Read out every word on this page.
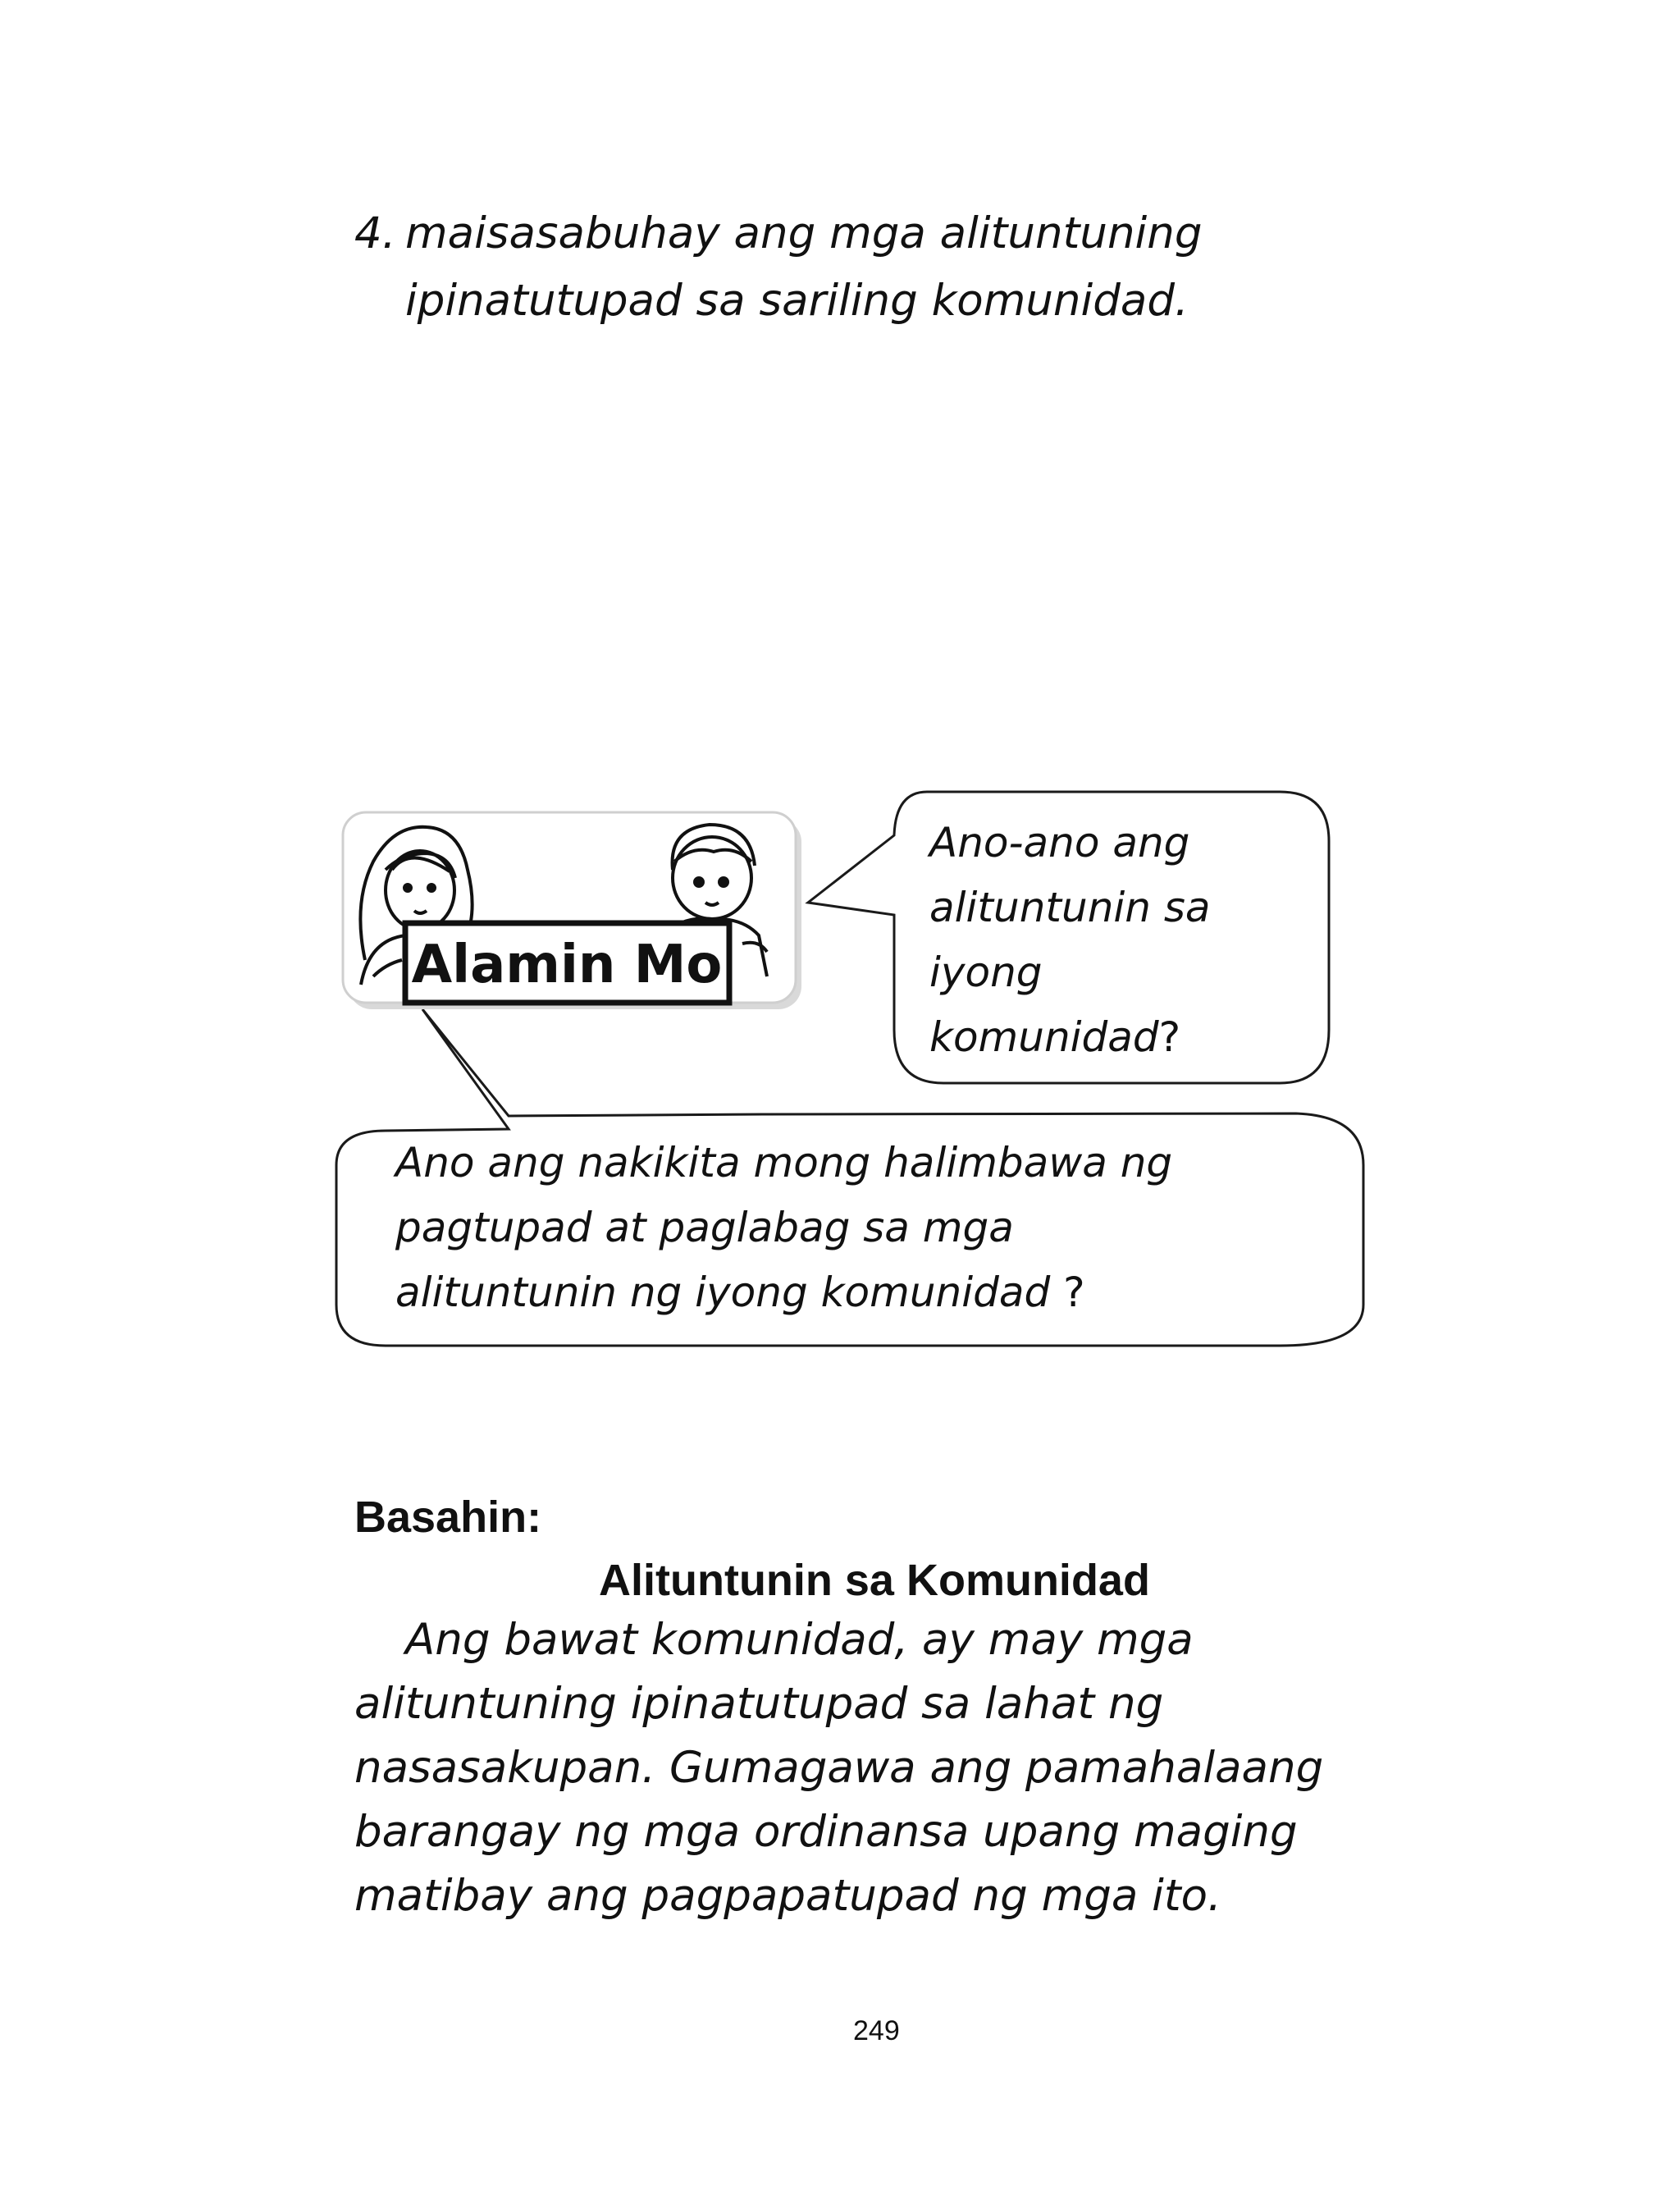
4. maisasabuhay ang mga alituntuning
ipinatutupad sa sariling komunidad.
Alamin Mo
Ano-ano ang
alituntunin sa
iyong
komunidad?
Ano ang nakikita mong halimbawa ng
pagtupad at paglabag sa mga
alituntunin ng iyong komunidad ?
Basahin:
Alituntunin sa Komunidad
Ang bawat komunidad, ay may mga
alituntuning ipinatutupad sa lahat ng
nasasakupan. Gumagawa ang pamahalaang
barangay ng mga ordinansa upang maging
matibay ang pagpapatupad ng mga ito.
249
